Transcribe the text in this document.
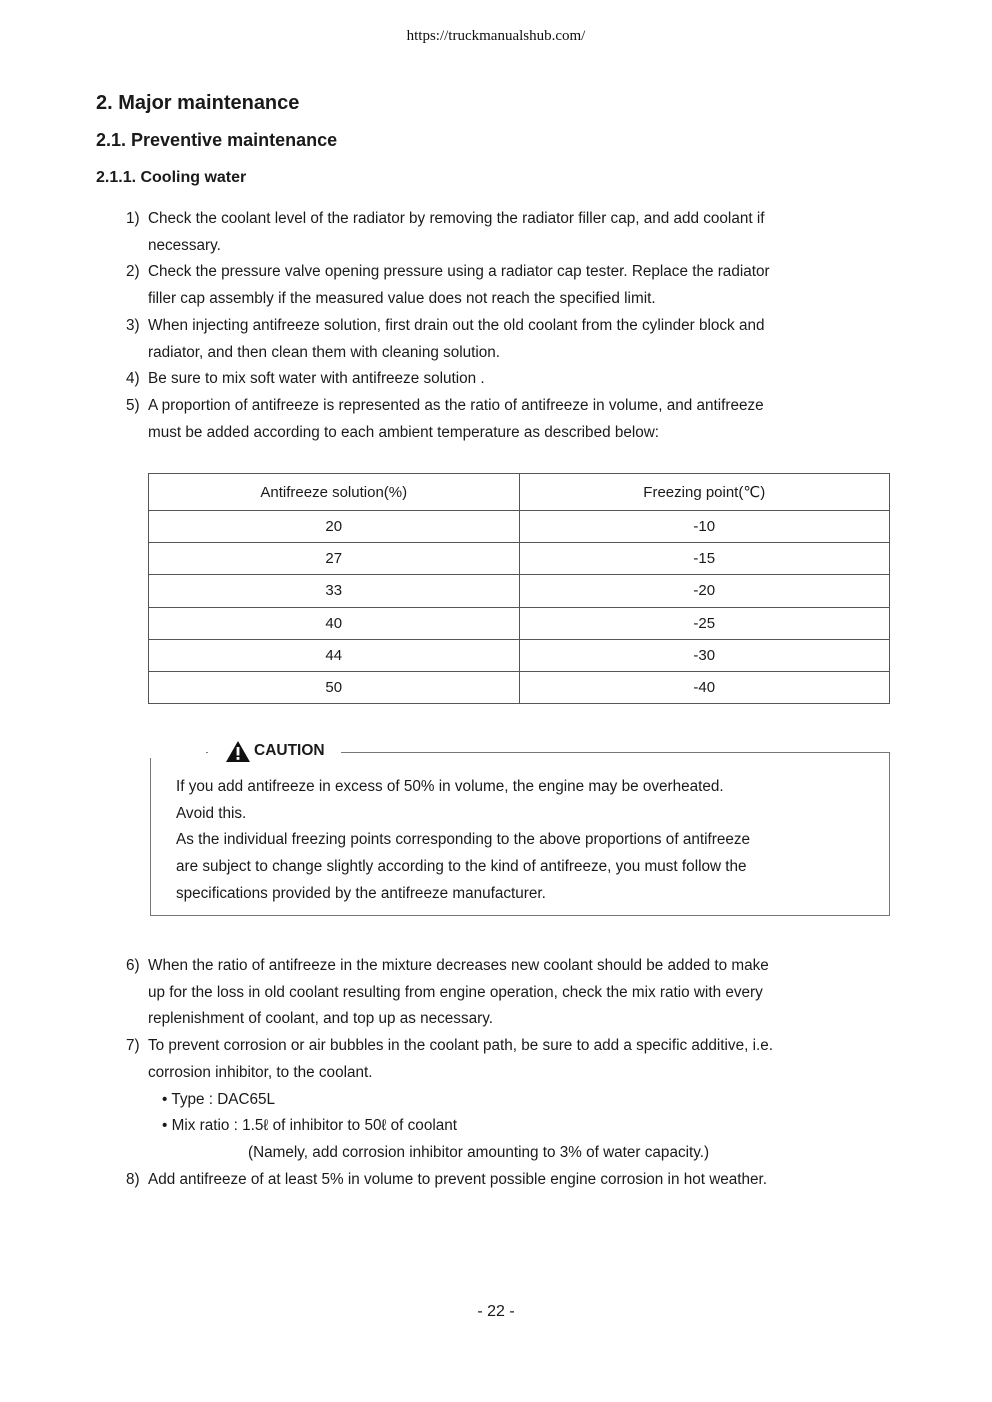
https://truckmanualshub.com/
2. Major maintenance
2.1. Preventive maintenance
2.1.1. Cooling water
1) Check the coolant level of the radiator by removing the radiator filler cap, and add coolant if
necessary.
2) Check the pressure valve opening pressure using a radiator cap tester. Replace the radiator
filler cap assembly if the measured value does not reach the specified limit.
3) When injecting antifreeze solution, first drain out the old coolant from the cylinder block and
radiator, and then clean them with cleaning solution.
4) Be sure to mix soft water with antifreeze solution .
5) A proportion of antifreeze is represented as the ratio of antifreeze in volume, and antifreeze
must be added according to each ambient temperature as described below:
Antifreeze solution(%)	Freezing point(℃)
20	-10
27	-15
33	-20
40	-25
44	-30
50	-40
CAUTION
If you add antifreeze in excess of 50% in volume, the engine may be overheated.
Avoid this.
As the individual freezing points corresponding to the above proportions of antifreeze
are subject to change slightly according to the kind of antifreeze, you must follow the
specifications provided by the antifreeze manufacturer.
6) When the ratio of antifreeze in the mixture decreases new coolant should be added to make
up for the loss in old coolant resulting from engine operation, check the mix ratio with every
replenishment of coolant, and top up as necessary.
7) To prevent corrosion or air bubbles in the coolant path, be sure to add a specific additive, i.e.
corrosion inhibitor, to the coolant.
• Type : DAC65L
• Mix ratio : 1.5ℓ of inhibitor to 50ℓ of coolant
(Namely, add corrosion inhibitor amounting to 3% of water capacity.)
8) Add antifreeze of at least 5% in volume to prevent possible engine corrosion in hot weather.
- 22 -
